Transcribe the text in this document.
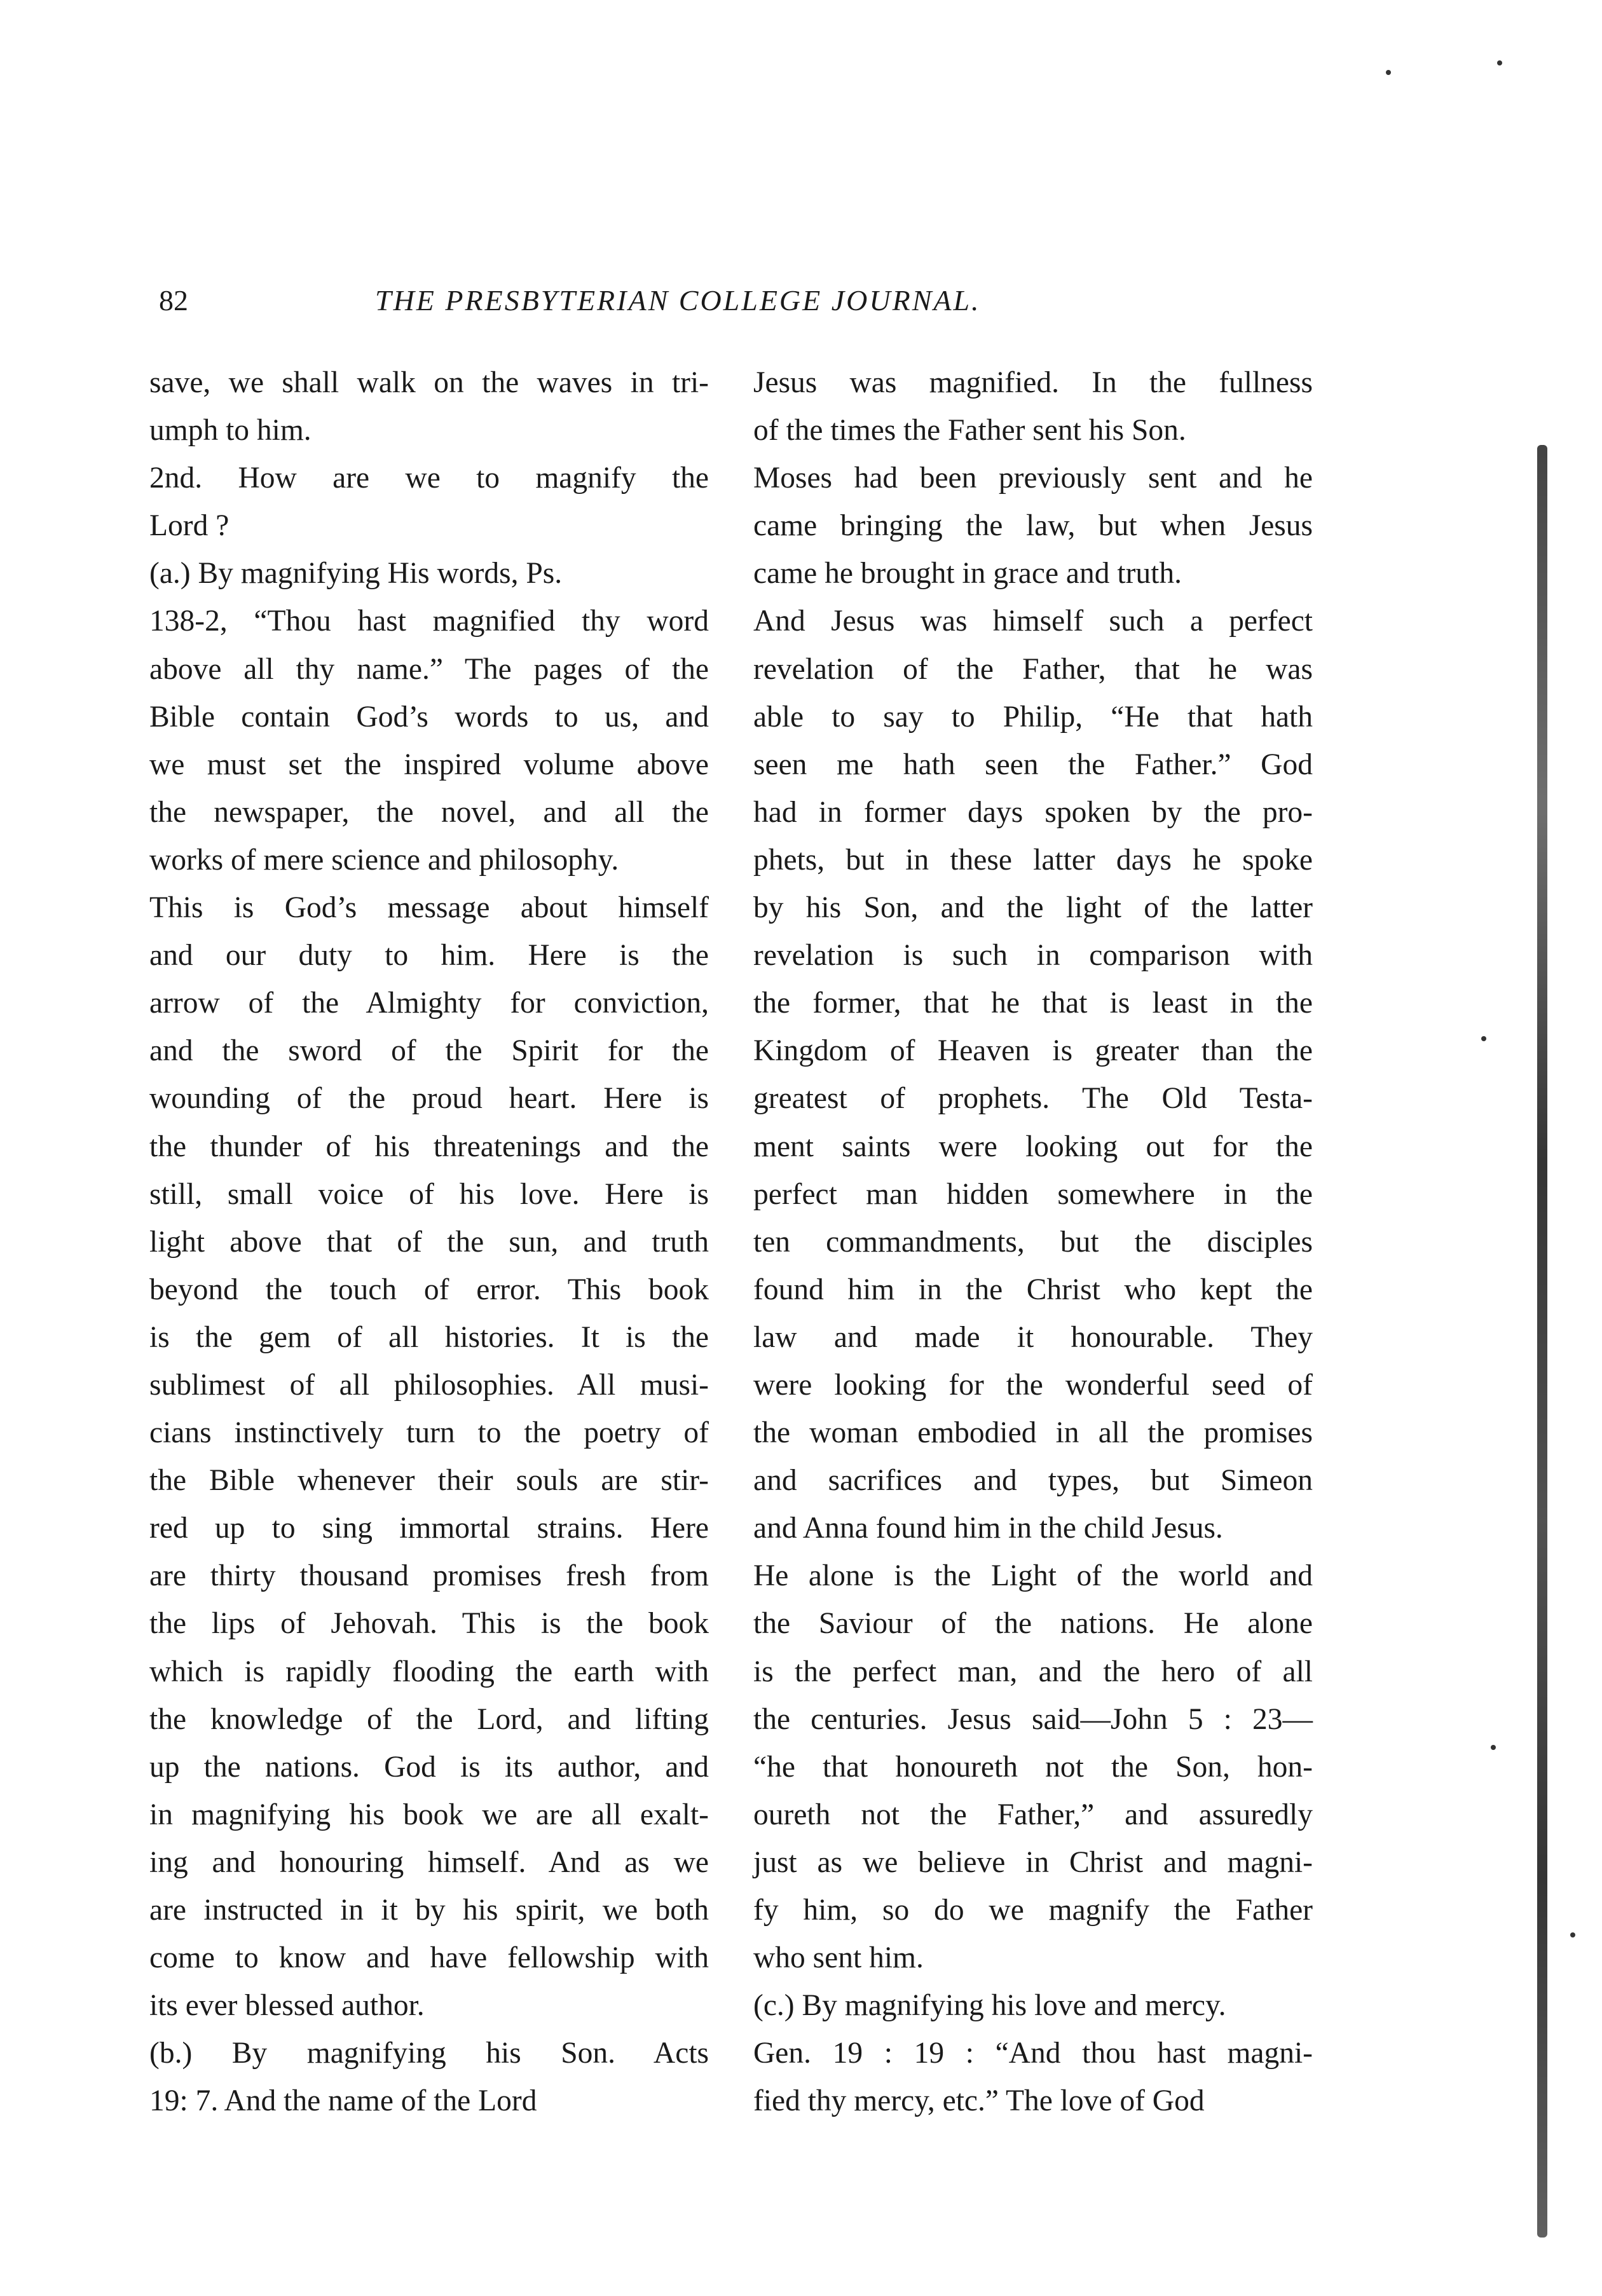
82	THE PRESBYTERIAN COLLEGE JOURNAL.
save, we shall walk on the waves in tri-
umph to him.
2nd. How are we to magnify the
Lord ?
(a.) By magnifying His words, Ps.
138-2, “Thou hast magnified thy word
above all thy name.” The pages of the
Bible contain God’s words to us, and
we must set the inspired volume above
the newspaper, the novel, and all the
works of mere science and philosophy.
This is God’s message about himself
and our duty to him. Here is the
arrow of the Almighty for conviction,
and the sword of the Spirit for the
wounding of the proud heart. Here is
the thunder of his threatenings and the
still, small voice of his love. Here is
light above that of the sun, and truth
beyond the touch of error. This book
is the gem of all histories. It is the
sublimest of all philosophies. All musi-
cians instinctively turn to the poetry of
the Bible whenever their souls are stir-
red up to sing immortal strains. Here
are thirty thousand promises fresh from
the lips of Jehovah. This is the book
which is rapidly flooding the earth with
the knowledge of the Lord, and lifting
up the nations. God is its author, and
in magnifying his book we are all exalt-
ing and honouring himself. And as we
are instructed in it by his spirit, we both
come to know and have fellowship with
its ever blessed author.
(b.) By magnifying his Son. Acts
19: 7. And the name of the Lord
Jesus was magnified. In the fullness
of the times the Father sent his Son.
Moses had been previously sent and he
came bringing the law, but when Jesus
came he brought in grace and truth.
And Jesus was himself such a perfect
revelation of the Father, that he was
able to say to Philip, “He that hath
seen me hath seen the Father.” God
had in former days spoken by the pro-
phets, but in these latter days he spoke
by his Son, and the light of the latter
revelation is such in comparison with
the former, that he that is least in the
Kingdom of Heaven is greater than the
greatest of prophets. The Old Testa-
ment saints were looking out for the
perfect man hidden somewhere in the
ten commandments, but the disciples
found him in the Christ who kept the
law and made it honourable. They
were looking for the wonderful seed of
the woman embodied in all the promises
and sacrifices and types, but Simeon
and Anna found him in the child Jesus.
He alone is the Light of the world and
the Saviour of the nations. He alone
is the perfect man, and the hero of all
the centuries. Jesus said—John 5 : 23—
“he that honoureth not the Son, hon-
oureth not the Father,” and assuredly
just as we believe in Christ and magni-
fy him, so do we magnify the Father
who sent him.
(c.) By magnifying his love and mercy.
Gen. 19 : 19 : “And thou hast magni-
fied thy mercy, etc.” The love of God
